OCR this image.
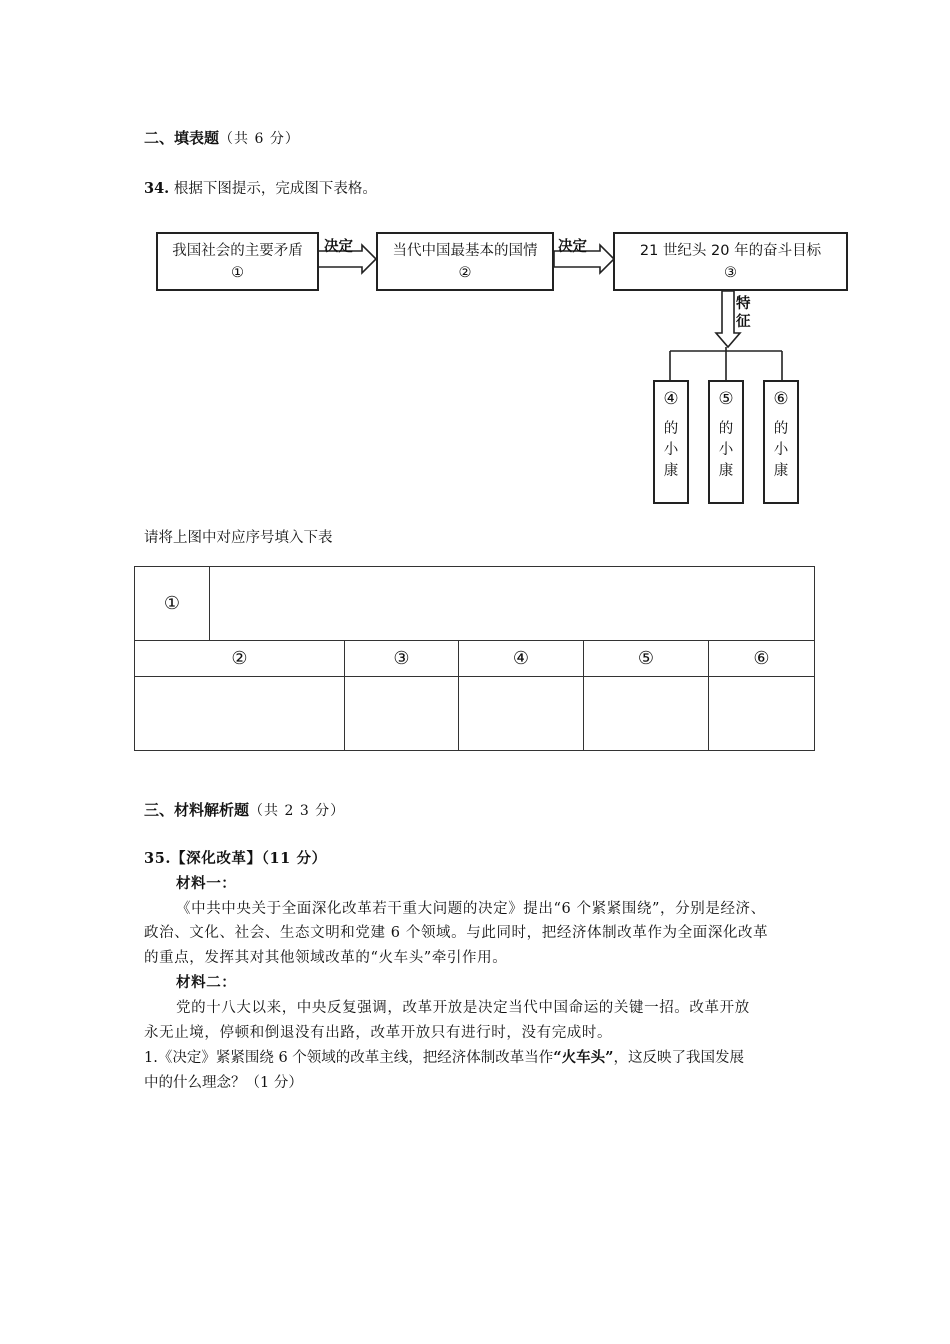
二、填表题（共 6 分）
34. 根据下图提示，完成图下表格。
我国社会的主要矛盾
①
决定	当代中国最基本的国情
②
决定	21 世纪头 20 年的奋斗目标
③
特
征
④
的
小
康
⑤
的
小
康
⑥
的
小
康
请将上图中对应序号填入下表
①					
②		③	④	⑤	⑥

三、材料解析题（共 2 3 分）
35.【深化改革】（11 分）
材料一：
《中共中央关于全面深化改革若干重大问题的决定》提出“6 个紧紧围绕”，分别是经济、
政治、文化、社会、生态文明和党建 6 个领域。与此同时，把经济体制改革作为全面深化改革
的重点，发挥其对其他领域改革的“火车头”牵引作用。
材料二：
党的十八大以来，中央反复强调，改革开放是决定当代中国命运的关键一招。改革开放
永无止境，停顿和倒退没有出路，改革开放只有进行时，没有完成时。
1.《决定》紧紧围绕 6 个领域的改革主线，把经济体制改革当作“火车头”，这反映了我国发展
中的什么理念？（1 分）
